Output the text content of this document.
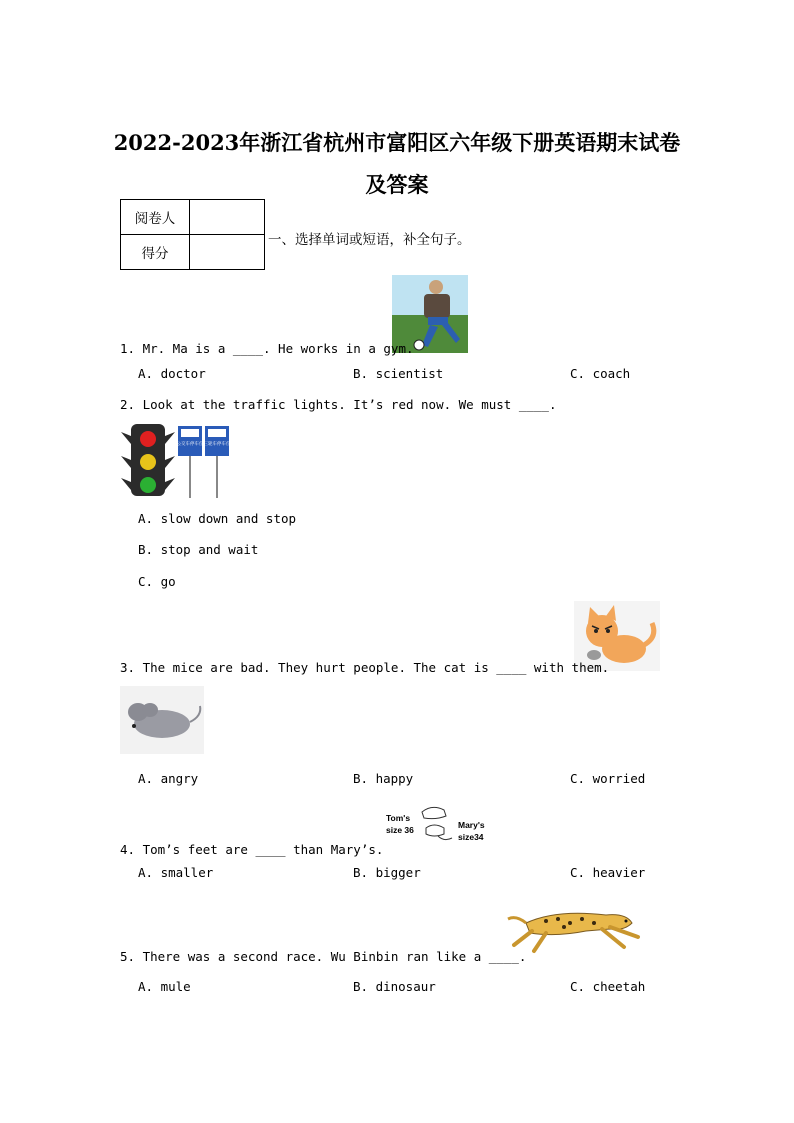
2022-2023年浙江省杭州市富阳区六年级下册英语期末试卷
及答案
阅卷人	
得分	
一、选择单词或短语，补全句子。
1. Mr. Ma is a ____. He works in a gym.
A. doctor	B. scientist	C. coach
2. Look at the traffic lights. It’s red now. We must ____.
公交车停车位 三轮车停车位
A. slow down and stop
B. stop and wait
C. go
3. The mice are bad. They hurt people. The cat is ____ with them.
A. angry	B. happy	C. worried
Tom's
size 36	Mary's
size34
4. Tom’s feet are ____ than Mary’s.
A. smaller	B. bigger	C. heavier
5. There was a second race. Wu Binbin ran like a ____.
A. mule	B. dinosaur	C. cheetah
